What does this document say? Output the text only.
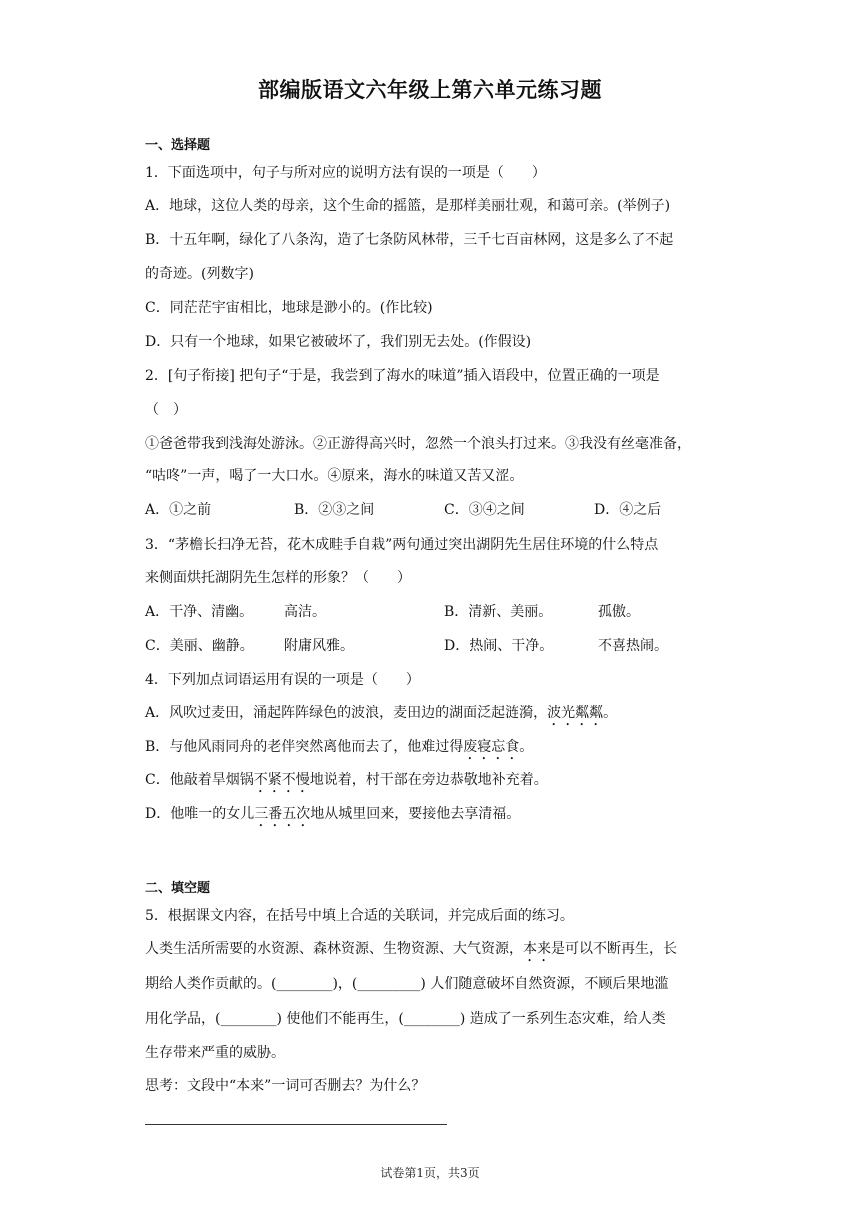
部编版语文六年级上第六单元练习题
一、选择题
1．下面选项中，句子与所对应的说明方法有误的一项是（　　）
A．地球，这位人类的母亲，这个生命的摇篮，是那样美丽壮观，和蔼可亲。(举例子)
B．十五年啊，绿化了八条沟，造了七条防风林带，三千七百亩林网，这是多么了不起
的奇迹。(列数字)
C．同茫茫宇宙相比，地球是渺小的。(作比较)
D．只有一个地球，如果它被破坏了，我们别无去处。(作假设)
2．[句子衔接] 把句子“于是，我尝到了海水的味道”插入语段中，位置正确的一项是
（　）
①爸爸带我到浅海处游泳。②正游得高兴时，忽然一个浪头打过来。③我没有丝毫准备，
“咕咚”一声，喝了一大口水。④原来，海水的味道又苦又涩。
A．①之前	B．②③之间	C．③④之间	D．④之后
3．“茅檐长扫净无苔，花木成畦手自栽”两句通过突出湖阴先生居住环境的什么特点
来侧面烘托湖阴先生怎样的形象？（　　）
A．干净、清幽。 高洁。	B．清新、美丽。	孤傲。
C．美丽、幽静。 附庸风雅。	D．热闹、干净。	不喜热闹。
4．下列加点词语运用有误的一项是（　　）
A．风吹过麦田，涌起阵阵绿色的波浪，麦田边的湖面泛起涟漪，波光粼粼。
B．与他风雨同舟的老伴突然离他而去了，他难过得废寝忘食。
C．他敲着旱烟锅不紧不慢地说着，村干部在旁边恭敬地补充着。
D．他唯一的女儿三番五次地从城里回来，要接他去享清福。
二、填空题
5．根据课文内容，在括号中填上合适的关联词，并完成后面的练习。
人类生活所需要的水资源、森林资源、生物资源、大气资源，本来是可以不断再生，长
期给人类作贡献的。(________)，(_________) 人们随意破坏自然资源，不顾后果地滥
用化学品，(________) 使他们不能再生，(________) 造成了一系列生态灾难，给人类
生存带来严重的威胁。
思考：文段中“本来”一词可否删去？为什么？
试卷第1页，共3页
